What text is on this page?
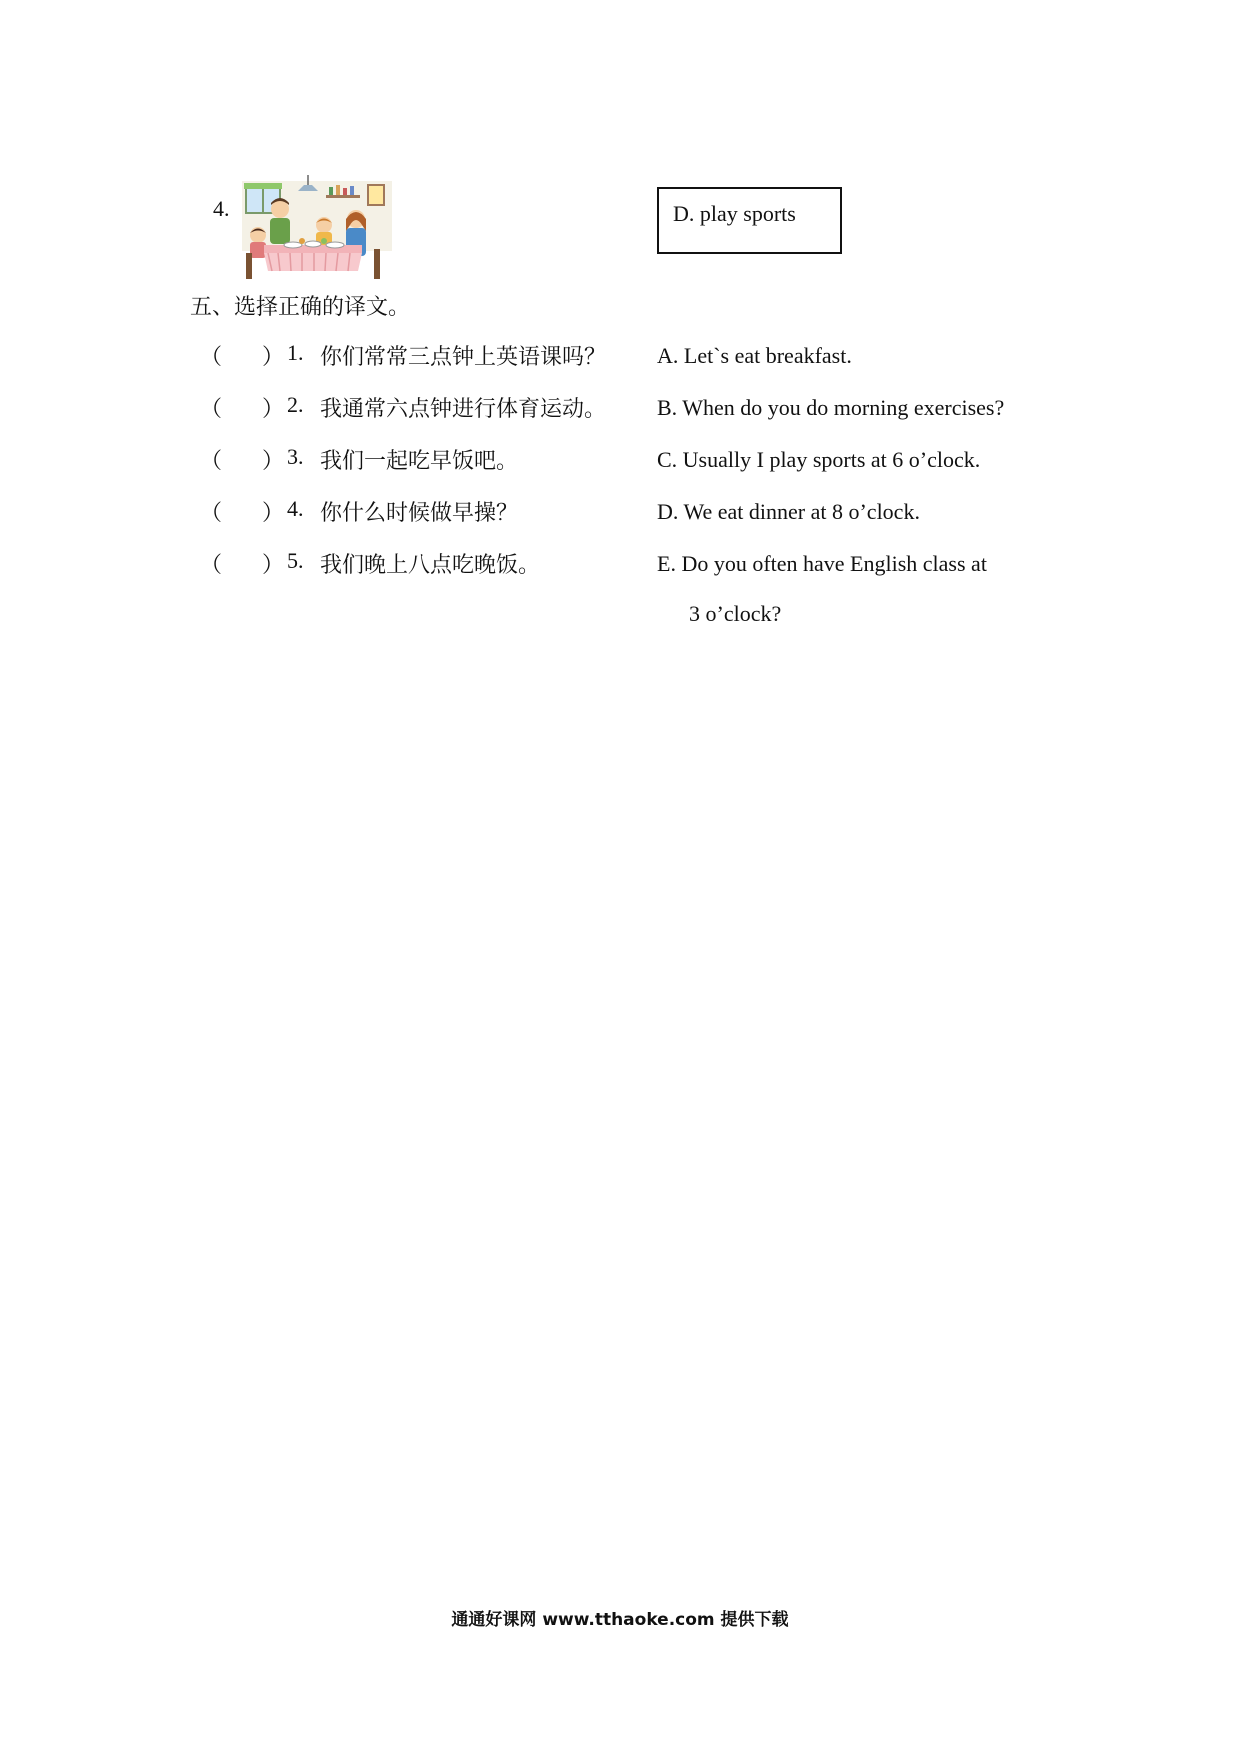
4.	D. play sports
五、选择正确的译文。
（ ） 1. 你们常常三点钟上英语课吗？ A. Let`s eat breakfast.
（ ） 2. 我通常六点钟进行体育运动。 B. When do you do morning exercises?
（ ） 3. 我们一起吃早饭吧。	C. Usually I play sports at 6 o’clock.
（ ） 4. 你什么时候做早操？	D. We eat dinner at 8 o’clock.
（ ） 5. 我们晚上八点吃晚饭。	E. Do you often have English class at
3 o’clock?
通通好课网 www.tthaoke.com 提供下载
